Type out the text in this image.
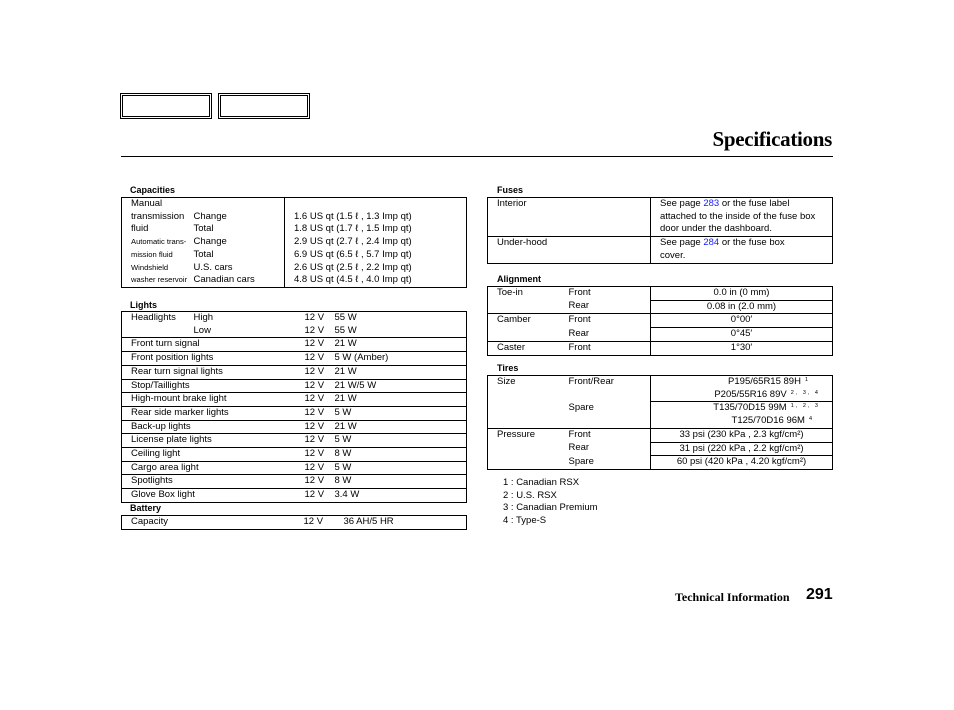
Specifications
Capacities
Manual		
transmission	Change	1.6 US qt (1.5 ℓ , 1.3 Imp qt)
fluid	Total	1.8 US qt (1.7 ℓ , 1.5 Imp qt)
Automatic trans-	Change	2.9 US qt (2.7 ℓ , 2.4 Imp qt)
mission fluid	Total	6.9 US qt (6.5 ℓ , 5.7 Imp qt)
Windshield	U.S. cars	2.6 US qt (2.5 ℓ , 2.2 Imp qt)
washer reservoir	Canadian cars	4.8 US qt (4.5 ℓ , 4.0 Imp qt)
Lights
Headlights	High	12 V	55 W
	Low	12 V	55 W
Front turn signal		12 V	21 W
Front position lights		12 V	5 W (Amber)
Rear turn signal lights		12 V	21 W
Stop/Taillights		12 V	21 W/5 W
High-mount brake light		12 V	21 W
Rear side marker lights		12 V	5 W
Back-up lights		12 V	21 W
License plate lights		12 V	5 W
Ceiling light		12 V	8 W
Cargo area light		12 V	5 W
Spotlights		12 V	8 W
Glove Box light		12 V	3.4 W
Battery
Capacity	12 V	36 AH/5 HR
Fuses
Interior	See page 283 or the fuse label attached to the inside of the fuse box door under the dashboard.
Under-hood	See page 284 or the fuse box cover.
Alignment
Toe-in	Front	0.0 in (0 mm)
	Rear	0.08 in (2.0 mm)
Camber	Front	0°00′
	Rear	0°45′
Caster	Front	1°30′
Tires
Size	Front/Rear	P195/65R15 89H $^1$
		P205/55R16 89V $^{2, 3, 4}$
	Spare	T135/70D15 99M $^{1, 2, 3}$
		T125/70D16 96M $^4$
Pressure	Front	33 psi (230 kPa , 2.3 kgf/cm²)
	Rear	31 psi (220 kPa , 2.2 kgf/cm²)
	Spare	60 psi (420 kPa , 4.20 kgf/cm²)
1 : Canadian RSX
2 : U.S. RSX
3 : Canadian Premium
4 : Type-S
Technical Information 291
